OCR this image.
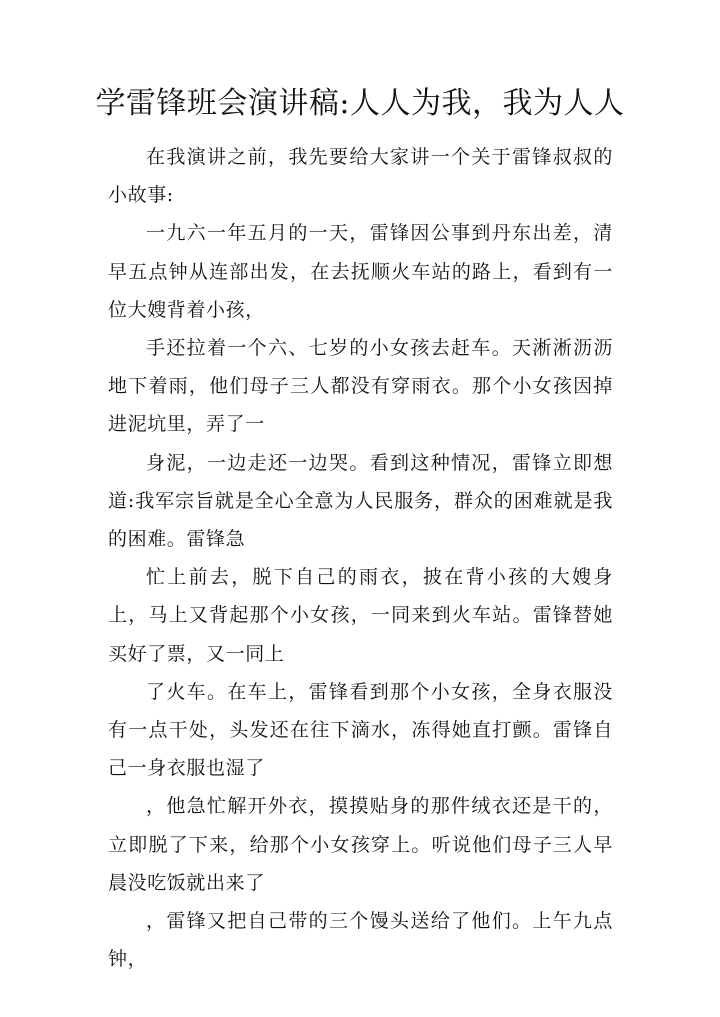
学雷锋班会演讲稿:人人为我，我为人人

在我演讲之前，我先要给大家讲一个关于雷锋叔叔的小故事:

一九六一年五月的一天，雷锋因公事到丹东出差，清早五点钟从连部出发，在去抚顺火车站的路上，看到有一位大嫂背着小孩，

手还拉着一个六、七岁的小女孩去赶车。天淅淅沥沥地下着雨，他们母子三人都没有穿雨衣。那个小女孩因掉进泥坑里，弄了一

身泥，一边走还一边哭。看到这种情况，雷锋立即想道:我军宗旨就是全心全意为人民服务，群众的困难就是我的困难。雷锋急

忙上前去，脱下自己的雨衣，披在背小孩的大嫂身上，马上又背起那个小女孩，一同来到火车站。雷锋替她买好了票，又一同上

了火车。在车上，雷锋看到那个小女孩，全身衣服没有一点干处，头发还在往下滴水，冻得她直打颤。雷锋自己一身衣服也湿了

，他急忙解开外衣，摸摸贴身的那件绒衣还是干的，立即脱了下来，给那个小女孩穿上。听说他们母子三人早晨没吃饭就出来了

，雷锋又把自己带的三个馒头送给了他们。上午九点钟，
